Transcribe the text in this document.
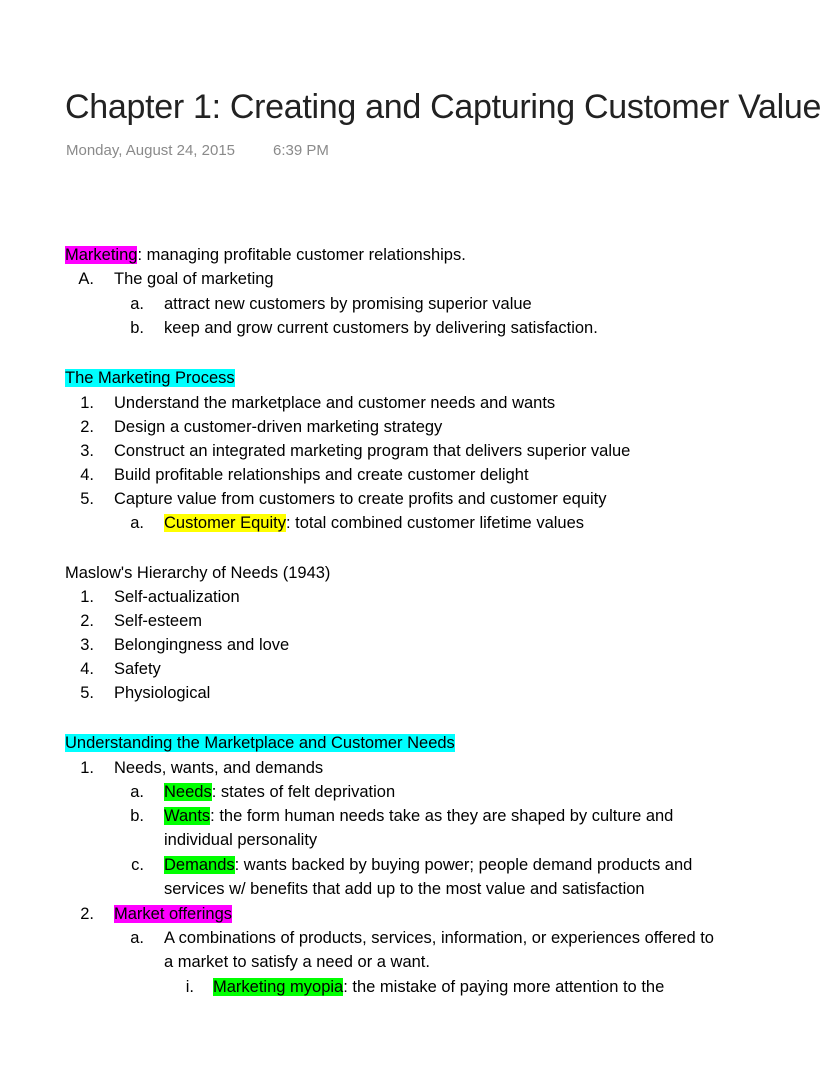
Chapter 1: Creating and Capturing Customer Value
Monday, August 24, 2015	6:39 PM
Marketing: managing profitable customer relationships.
A. The goal of marketing
a. attract new customers by promising superior value
b. keep and grow current customers by delivering satisfaction.
The Marketing Process
1. Understand the marketplace and customer needs and wants
2. Design a customer-driven marketing strategy
3. Construct an integrated marketing program that delivers superior value
4. Build profitable relationships and create customer delight
5. Capture value from customers to create profits and customer equity
a. Customer Equity: total combined customer lifetime values
Maslow's Hierarchy of Needs (1943)
1. Self-actualization
2. Self-esteem
3. Belongingness and love
4. Safety
5. Physiological
Understanding the Marketplace and Customer Needs
1. Needs, wants, and demands
a. Needs: states of felt deprivation
b. Wants: the form human needs take as they are shaped by culture and
individual personality
c. Demands: wants backed by buying power; people demand products and
services w/ benefits that add up to the most value and satisfaction
2. Market offerings
a. A combinations of products, services, information, or experiences offered to
a market to satisfy a need or a want.
i. Marketing myopia: the mistake of paying more attention to the
